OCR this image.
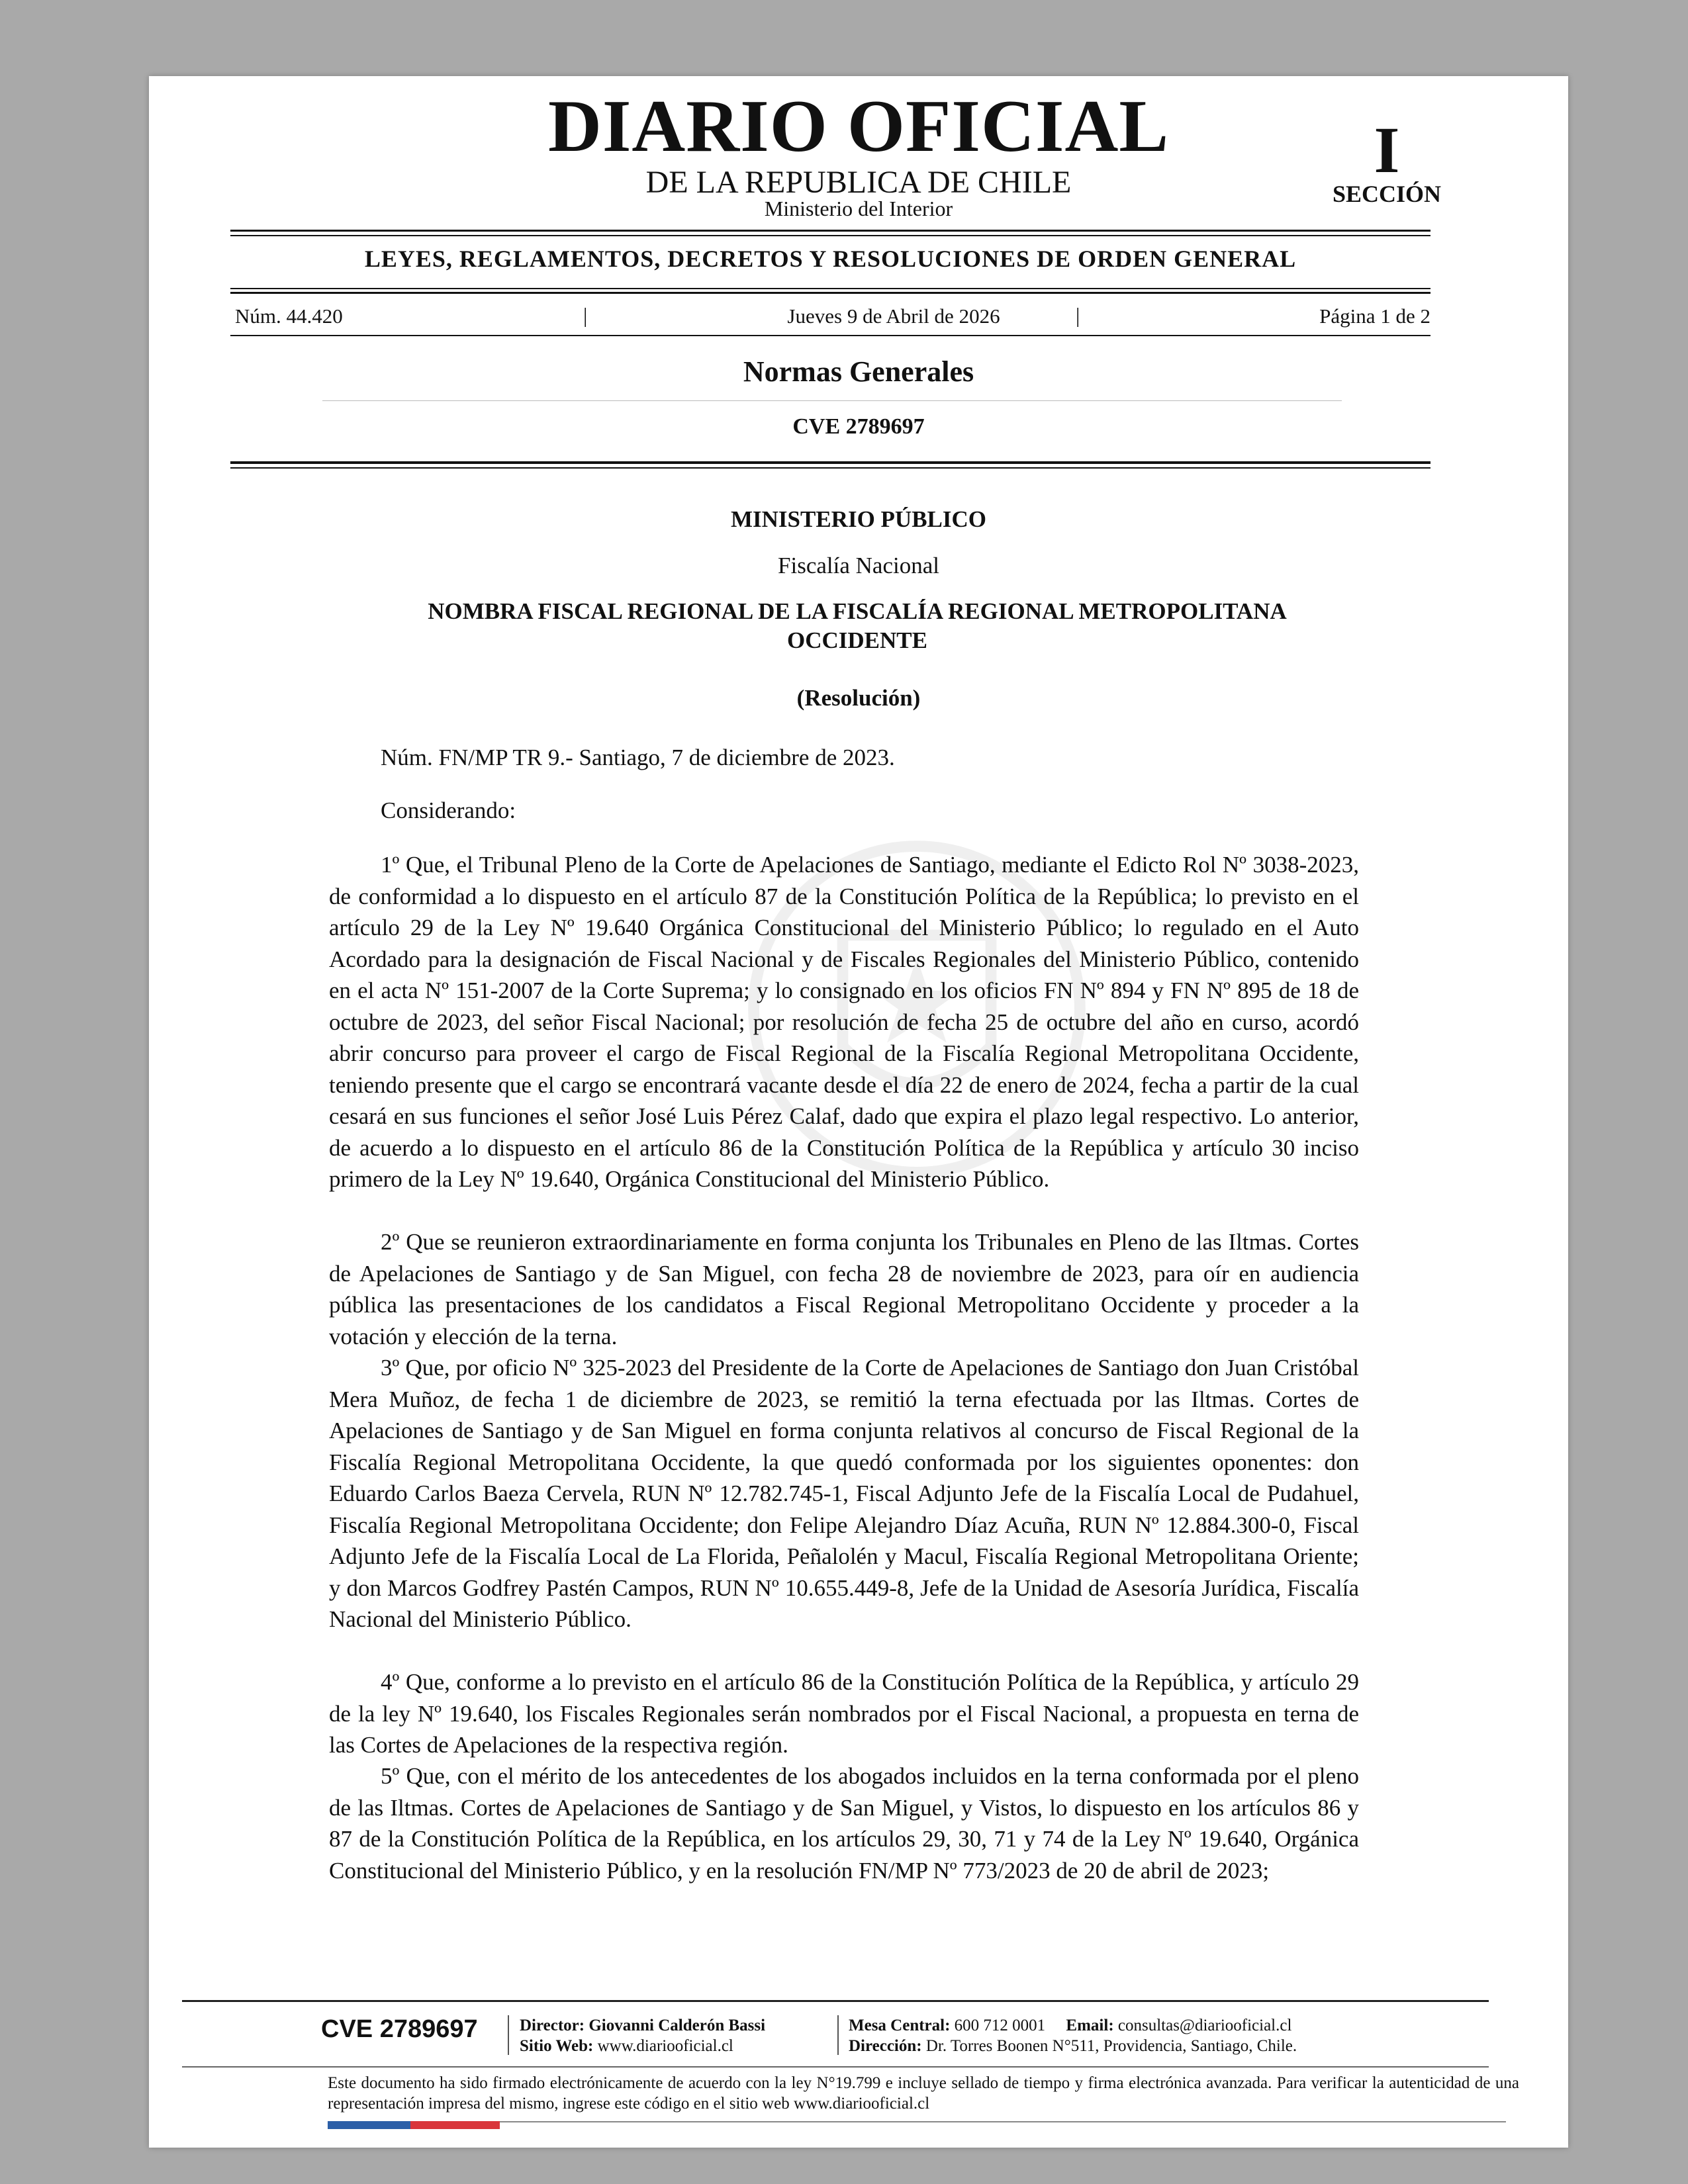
DIARIO OFICIAL
DE LA REPUBLICA DE CHILE
Ministerio del Interior
I
SECCIÓN
LEYES, REGLAMENTOS, DECRETOS Y RESOLUCIONES DE ORDEN GENERAL
Núm. 44.420	|	Jueves 9 de Abril de 2026	|	Página 1 de 2
Normas Generales
CVE 2789697
MINISTERIO PÚBLICO
Fiscalía Nacional
NOMBRA FISCAL REGIONAL DE LA FISCALÍA REGIONAL METROPOLITANA
OCCIDENTE
(Resolución)

Núm. FN/MP TR 9.- Santiago, 7 de diciembre de 2023.

Considerando:

1º Que, el Tribunal Pleno de la Corte de Apelaciones de Santiago, mediante el Edicto Rol Nº 3038-2023, de conformidad a lo dispuesto en el artículo 87 de la Constitución Política de la República; lo previsto en el artículo 29 de la Ley Nº 19.640 Orgánica Constitucional del Ministerio Público; lo regulado en el Auto Acordado para la designación de Fiscal Nacional y de Fiscales Regionales del Ministerio Público, contenido en el acta Nº 151-2007 de la Corte Suprema; y lo consignado en los oficios FN Nº 894 y FN Nº 895 de 18 de octubre de 2023, del señor Fiscal Nacional; por resolución de fecha 25 de octubre del año en curso, acordó abrir concurso para proveer el cargo de Fiscal Regional de la Fiscalía Regional Metropolitana Occidente, teniendo presente que el cargo se encontrará vacante desde el día 22 de enero de 2024, fecha a partir de la cual cesará en sus funciones el señor José Luis Pérez Calaf, dado que expira el plazo legal respectivo. Lo anterior, de acuerdo a lo dispuesto en el artículo 86 de la Constitución Política de la República y artículo 30 inciso primero de la Ley Nº 19.640, Orgánica Constitucional del Ministerio Público.

2º Que se reunieron extraordinariamente en forma conjunta los Tribunales en Pleno de las Iltmas. Cortes de Apelaciones de Santiago y de San Miguel, con fecha 28 de noviembre de 2023, para oír en audiencia pública las presentaciones de los candidatos a Fiscal Regional Metropolitano Occidente y proceder a la votación y elección de la terna.

3º Que, por oficio Nº 325-2023 del Presidente de la Corte de Apelaciones de Santiago don Juan Cristóbal Mera Muñoz, de fecha 1 de diciembre de 2023, se remitió la terna efectuada por las Iltmas. Cortes de Apelaciones de Santiago y de San Miguel en forma conjunta relativos al concurso de Fiscal Regional de la Fiscalía Regional Metropolitana Occidente, la que quedó conformada por los siguientes oponentes: don Eduardo Carlos Baeza Cervela, RUN Nº 12.782.745-1, Fiscal Adjunto Jefe de la Fiscalía Local de Pudahuel, Fiscalía Regional Metropolitana Occidente; don Felipe Alejandro Díaz Acuña, RUN Nº 12.884.300-0, Fiscal Adjunto Jefe de la Fiscalía Local de La Florida, Peñalolén y Macul, Fiscalía Regional Metropolitana Oriente; y don Marcos Godfrey Pastén Campos, RUN Nº 10.655.449-8, Jefe de la Unidad de Asesoría Jurídica, Fiscalía Nacional del Ministerio Público.

4º Que, conforme a lo previsto en el artículo 86 de la Constitución Política de la República, y artículo 29 de la ley Nº 19.640, los Fiscales Regionales serán nombrados por el Fiscal Nacional, a propuesta en terna de las Cortes de Apelaciones de la respectiva región.

5º Que, con el mérito de los antecedentes de los abogados incluidos en la terna conformada por el pleno de las Iltmas. Cortes de Apelaciones de Santiago y de San Miguel, y Vistos, lo dispuesto en los artículos 86 y 87 de la Constitución Política de la República, en los artículos 29, 30, 71 y 74 de la Ley Nº 19.640, Orgánica Constitucional del Ministerio Público, y en la resolución FN/MP Nº 773/2023 de 20 de abril de 2023;

CVE 2789697	Director: Giovanni Calderón Bassi
Sitio Web: www.diariooficial.cl
Mesa Central: 600 712 0001 Email: consultas@diariooficial.cl
Dirección: Dr. Torres Boonen N°511, Providencia, Santiago, Chile.
Este documento ha sido firmado electrónicamente de acuerdo con la ley N°19.799 e incluye sellado de tiempo y firma electrónica avanzada. Para verificar la autenticidad de una representación impresa del mismo, ingrese este código en el sitio web www.diariooficial.cl
